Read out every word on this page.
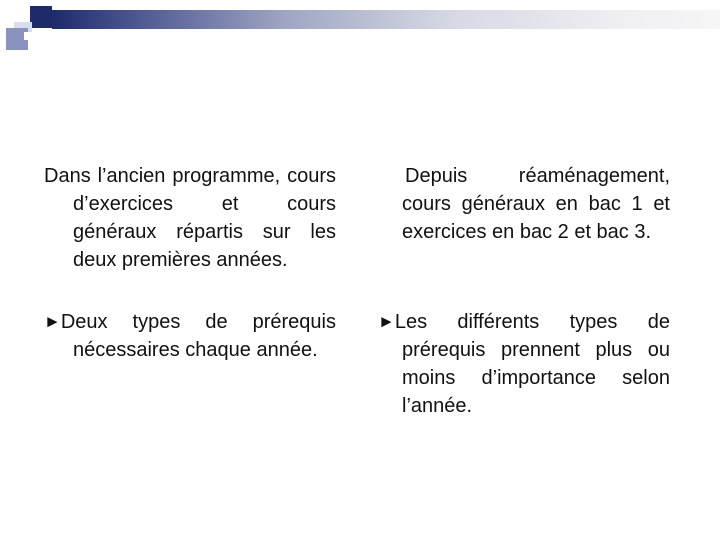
Dans l’ancien programme, cours d’exercices et cours généraux répartis sur les deux premières années.

►Deux types de prérequis nécessaires chaque année.

Depuis réaménagement, cours généraux en bac 1 et exercices en bac 2 et bac 3.

►Les différents types de prérequis prennent plus ou moins d’importance selon l’année.
